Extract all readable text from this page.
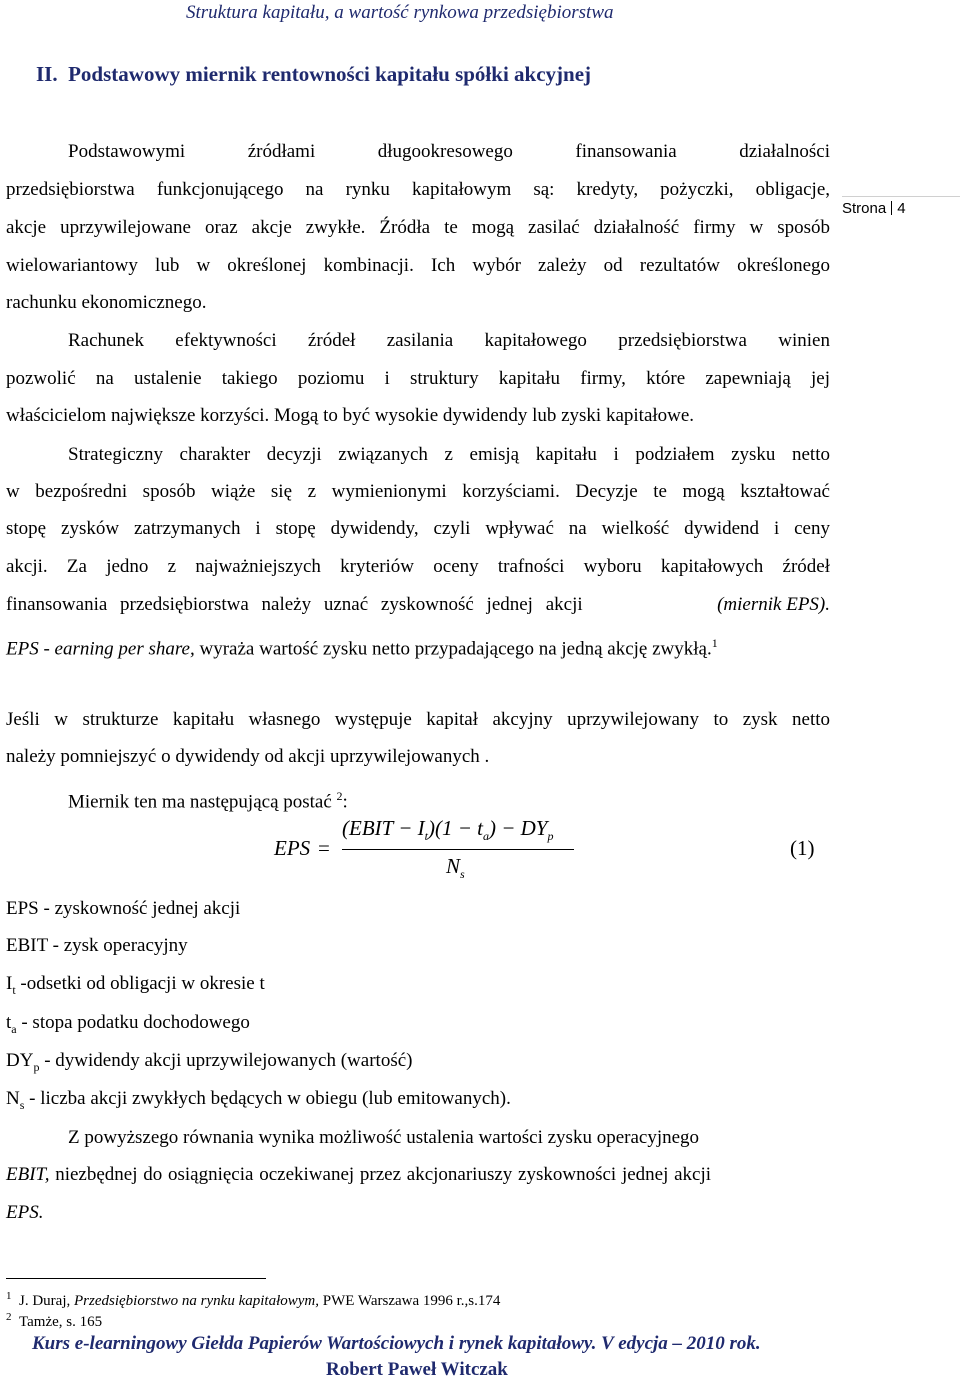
Struktura kapitału, a wartość rynkowa przedsiębiorstwa
II. Podstawowy miernik rentowności kapitału spółki akcyjnej
Strona 4
Podstawowymi źródłami długookresowego finansowania działalności
przedsiębiorstwa funkcjonującego na rynku kapitałowym są: kredyty, pożyczki, obligacje,
akcje uprzywilejowane oraz akcje zwykłe. Źródła te mogą zasilać działalność firmy w sposób
wielowariantowy lub w określonej kombinacji. Ich wybór zależy od rezultatów określonego
rachunku ekonomicznego.
Rachunek efektywności źródeł zasilania kapitałowego przedsiębiorstwa winien
pozwolić na ustalenie takiego poziomu i struktury kapitału firmy, które zapewniają jej
właścicielom największe korzyści. Mogą to być wysokie dywidendy lub zyski kapitałowe.
Strategiczny charakter decyzji związanych z emisją kapitału i podziałem zysku netto
w bezpośredni sposób wiąże się z wymienionymi korzyściami. Decyzje te mogą kształtować
stopę zysków zatrzymanych i stopę dywidendy, czyli wpływać na wielkość dywidend i ceny
akcji. Za jedno z najważniejszych kryteriów oceny trafności wyboru kapitałowych źródeł
finansowania przedsiębiorstwa należy uznać zyskowność jednej akcji	(miernik EPS).
EPS - earning per share, wyraża wartość zysku netto przypadającego na jedną akcję zwykłą.$^1$
Jeśli w strukturze kapitału własnego występuje kapitał akcyjny uprzywilejowany to zysk netto
należy pomniejszyć o dywidendy od akcji uprzywilejowanych .
Miernik ten ma następującą postać $^2$:
EPS =
(EBIT − $I_t)(1 - t_a) - DY_p$
$N_s$
(1)
EPS - zyskowność jednej akcji
EBIT - zysk operacyjny
$I_t$ -odsetki od obligacji w okresie t
$t_a$ - stopa podatku dochodowego
$DY_p$ - dywidendy akcji uprzywilejowanych (wartość)
$N_s$ - liczba akcji zwykłych będących w obiegu (lub emitowanych).
Z powyższego równania wynika możliwość ustalenia wartości zysku operacyjnego
EBIT, niezbędnej do osiągnięcia oczekiwanej przez akcjonariuszy zyskowności jednej akcji
EPS.
$^1$ J. Duraj, Przedsiębiorstwo na rynku kapitałowym, PWE Warszawa 1996 r.,s.174
$^2$ Tamże, s. 165
Kurs e-learningowy Giełda Papierów Wartościowych i rynek kapitałowy. V edycja – 2010 rok.
Robert Paweł Witczak
